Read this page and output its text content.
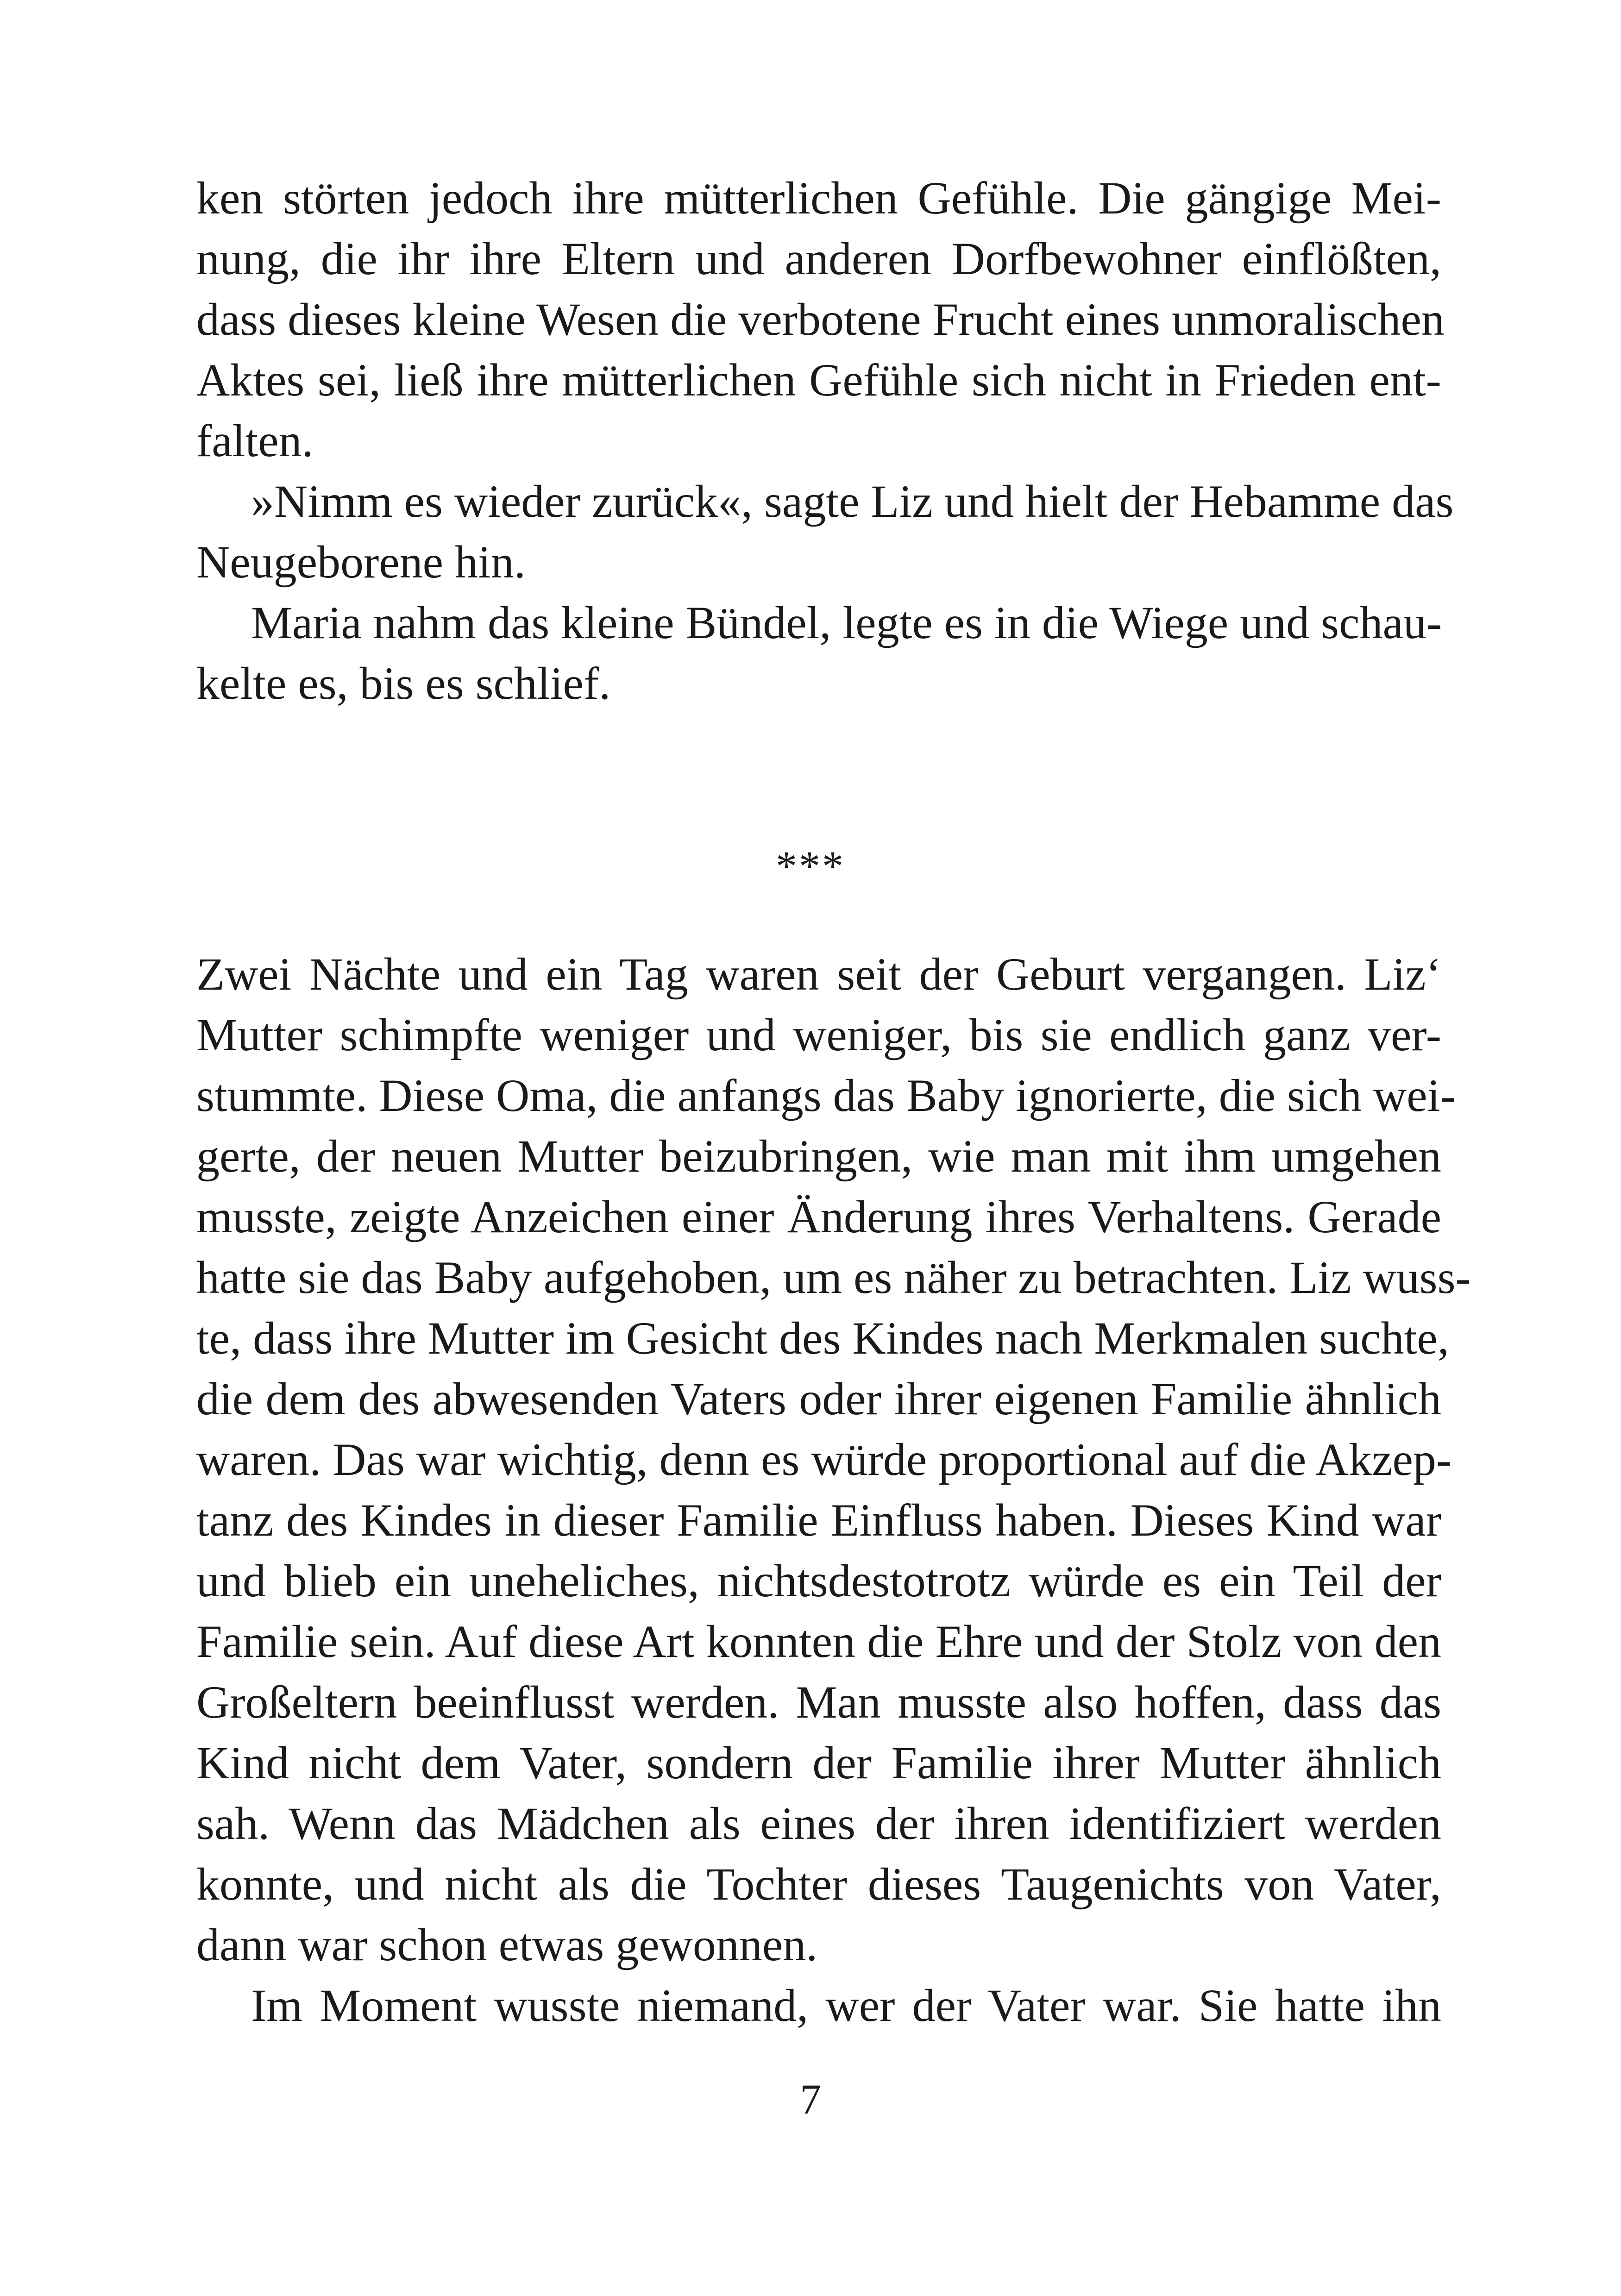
ken störten jedoch ihre mütterlichen Gefühle. Die gängige Mei-
nung, die ihr ihre Eltern und anderen Dorfbewohner einflößten,
dass dieses kleine Wesen die verbotene Frucht eines unmoralischen
Aktes sei, ließ ihre mütterlichen Gefühle sich nicht in Frieden ent-
falten.
»Nimm es wieder zurück«, sagte Liz und hielt der Hebamme das
Neugeborene hin.
Maria nahm das kleine Bündel, legte es in die Wiege und schau-
kelte es, bis es schlief.
***
Zwei Nächte und ein Tag waren seit der Geburt vergangen. Liz‘
Mutter schimpfte weniger und weniger, bis sie endlich ganz ver-
stummte. Diese Oma, die anfangs das Baby ignorierte, die sich wei-
gerte, der neuen Mutter beizubringen, wie man mit ihm umgehen
musste, zeigte Anzeichen einer Änderung ihres Verhaltens. Gerade
hatte sie das Baby aufgehoben, um es näher zu betrachten. Liz wuss-
te, dass ihre Mutter im Gesicht des Kindes nach Merkmalen suchte,
die dem des abwesenden Vaters oder ihrer eigenen Familie ähnlich
waren. Das war wichtig, denn es würde proportional auf die Akzep-
tanz des Kindes in dieser Familie Einfluss haben. Dieses Kind war
und blieb ein uneheliches, nichtsdestotrotz würde es ein Teil der
Familie sein. Auf diese Art konnten die Ehre und der Stolz von den
Großeltern beeinflusst werden. Man musste also hoffen, dass das
Kind nicht dem Vater, sondern der Familie ihrer Mutter ähnlich
sah. Wenn das Mädchen als eines der ihren identifiziert werden
konnte, und nicht als die Tochter dieses Taugenichts von Vater,
dann war schon etwas gewonnen.
Im Moment wusste niemand, wer der Vater war. Sie hatte ihn
7
